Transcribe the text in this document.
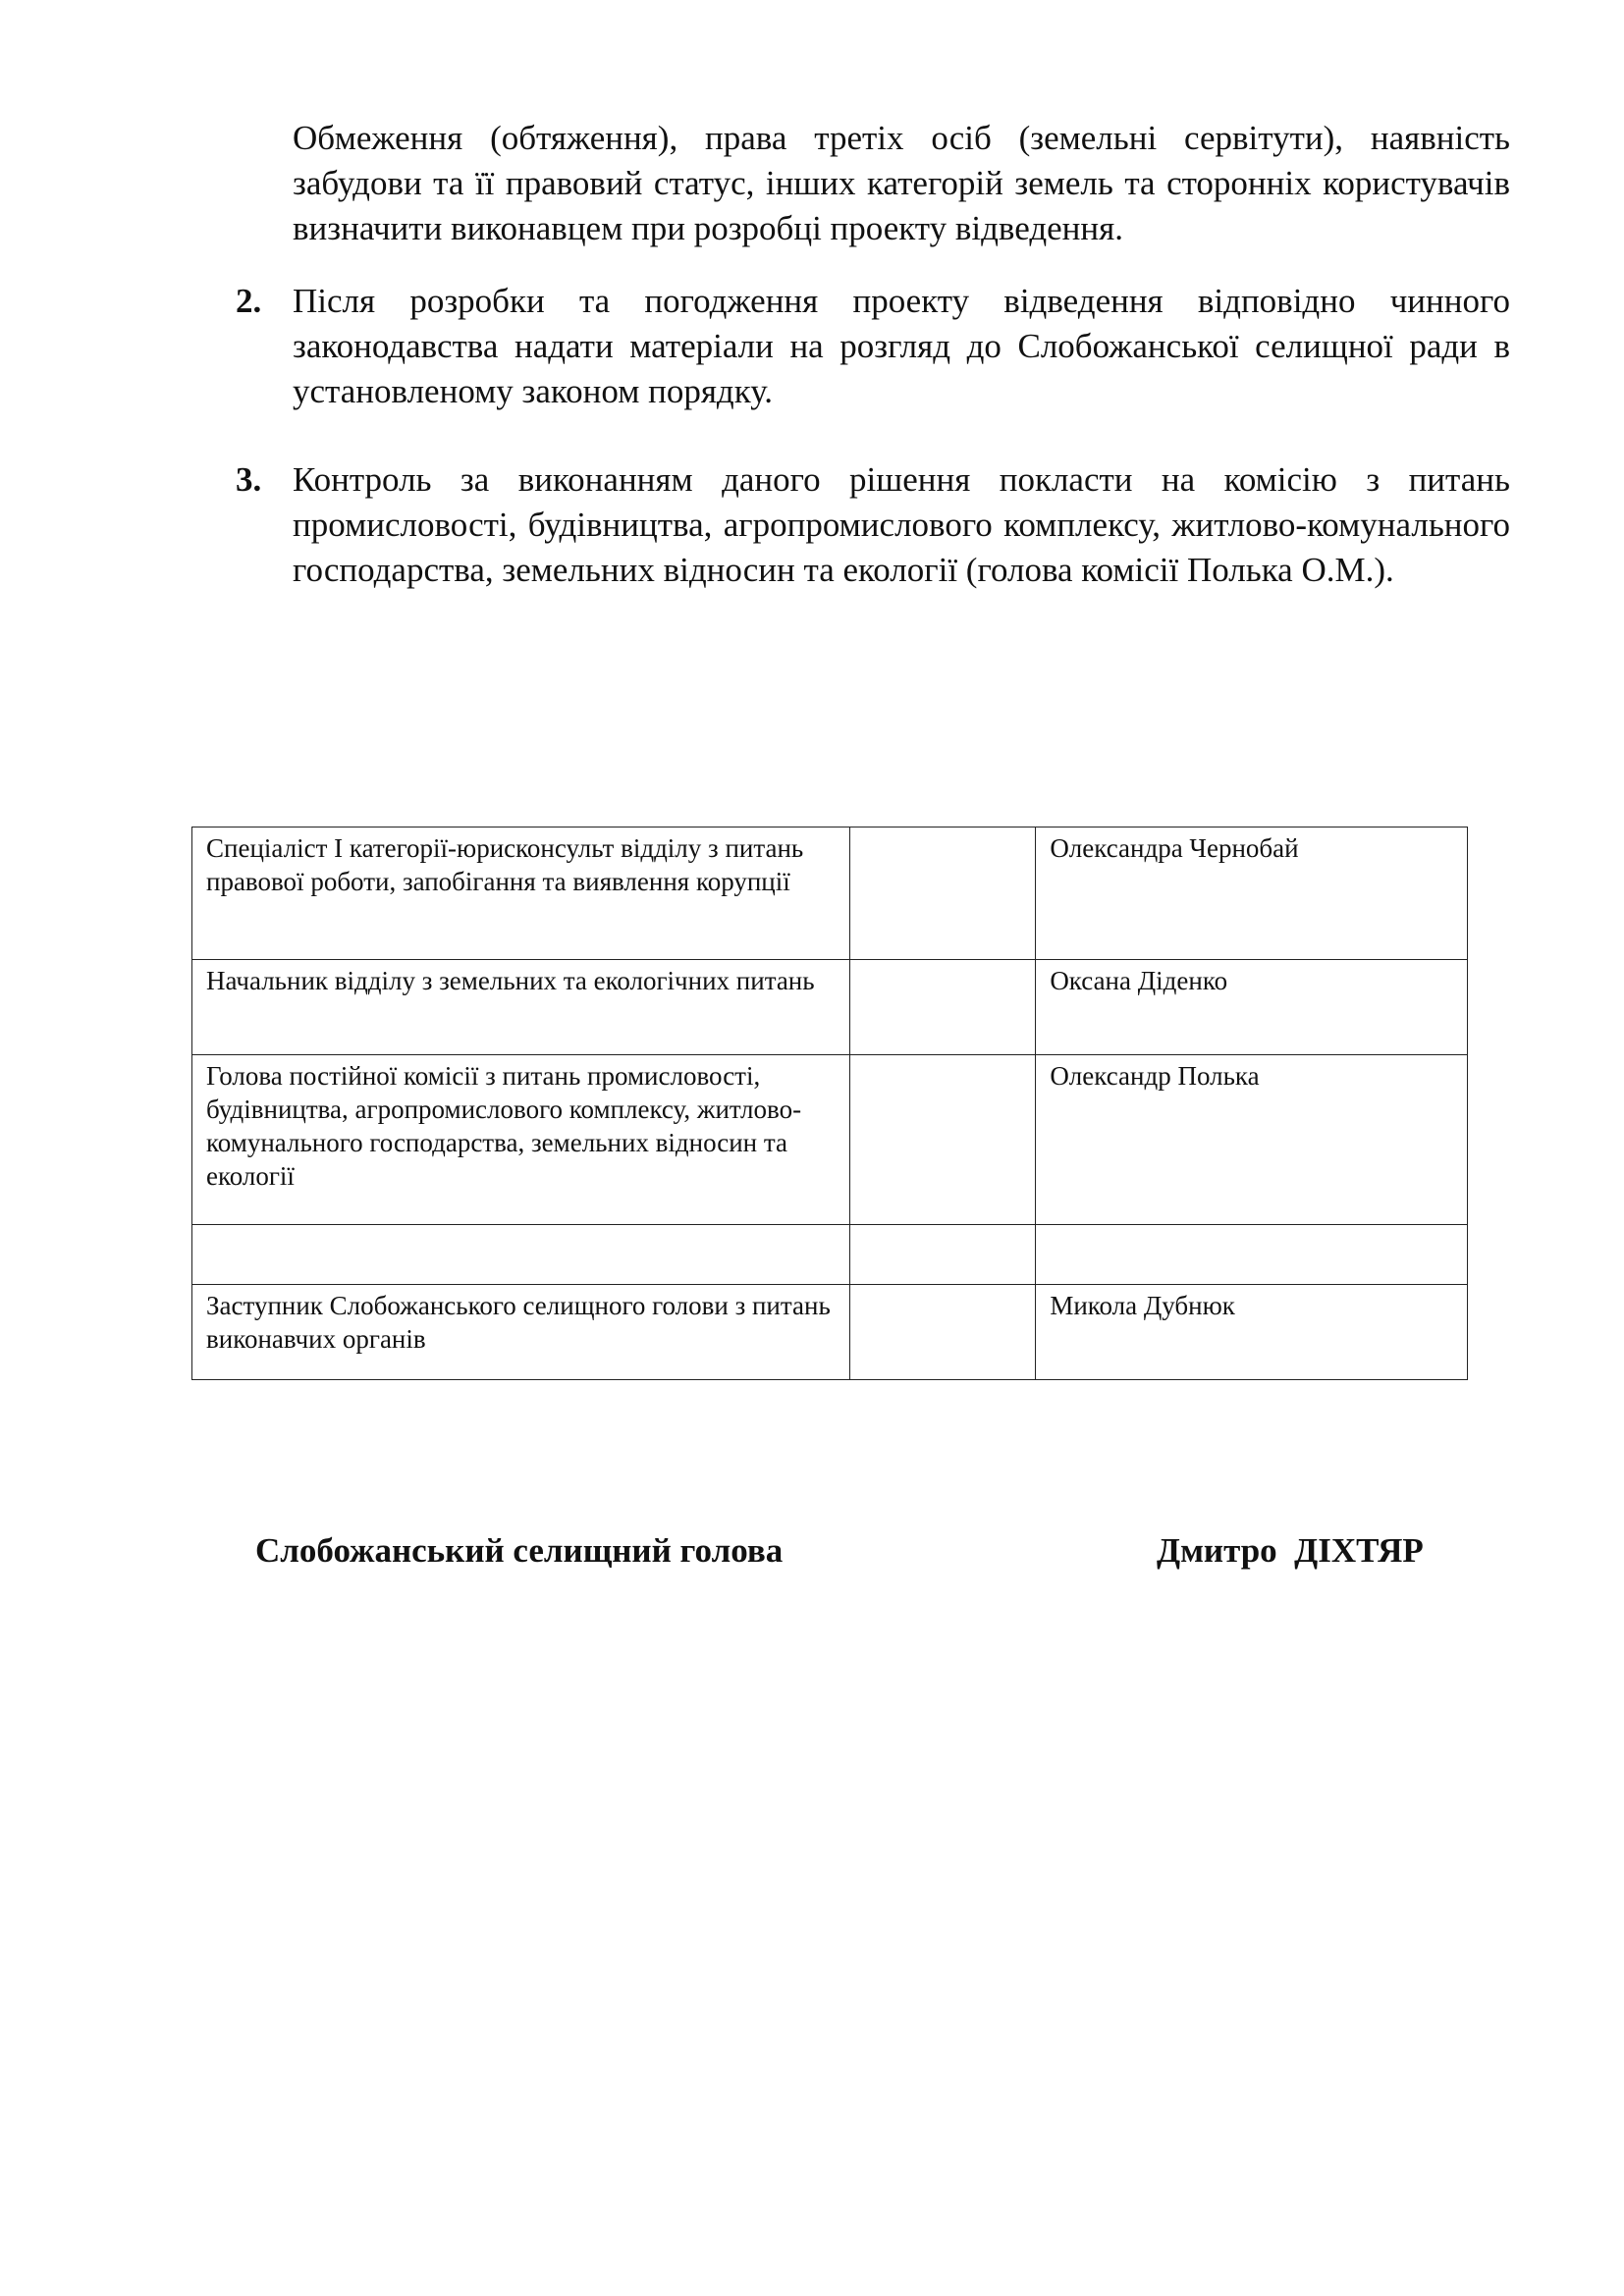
Обмеження (обтяження), права третіх осіб (земельні сервітути), наявність забудови та її правовий статус, інших категорій земель та сторонніх користувачів визначити виконавцем при розробці проекту відведення.

2. Після розробки та погодження проекту відведення відповідно чинного законодавства надати матеріали на розгляд до Слобожанської селищної ради в установленому законом порядку.

3. Контроль за виконанням даного рішення покласти на комісію з питань промисловості, будівництва, агропромислового комплексу, житлово-комунального господарства, земельних відносин та екології (голова комісії Полька О.М.).

Спеціаліст І категорії-юрисконсульт відділу з питань правової роботи, запобігання та виявлення корупції		Олександра Чернобай
Начальник відділу з земельних та екологічних питань		Оксана Діденко
Голова постійної комісії з питань промисловості, будівництва, агропромислового комплексу, житлово-комунального господарства, земельних відносин та екології		Олександр Полька

Заступник Слобожанського селищного голови з питань виконавчих органів		Микола Дубнюк
Слобожанський селищний голова	Дмитро  ДІХТЯР
